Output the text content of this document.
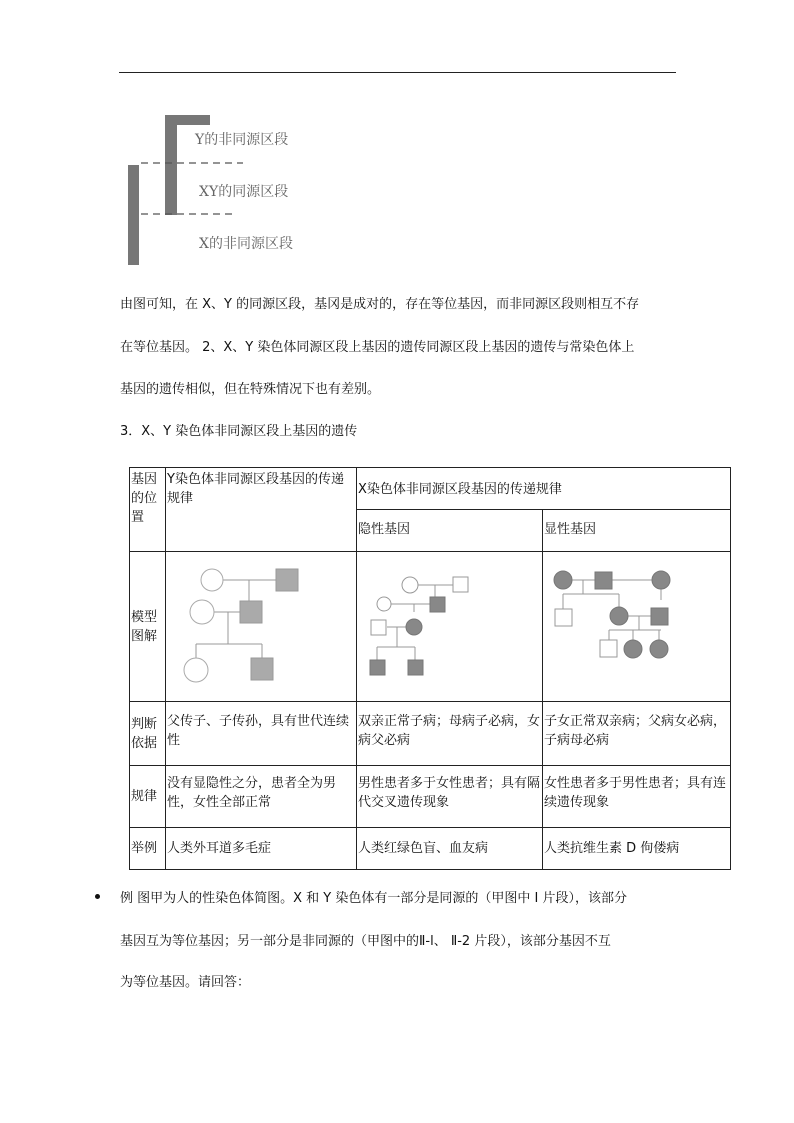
Y的非同源区段
XY的同源区段
X的非同源区段
由图可知，在 X、Y 的同源区段，基冈是成对的，存在等位基因，而非同源区段则相互不存
在等位基因。 2、X、Y 染色体同源区段上基因的遗传同源区段上基因的遗传与常染色体上
基因的遗传相似，但在特殊情况下也有差别。
3．X、Y 染色体非同源区段上基因的遗传
基因的位置	Y染色体非同源区段基因的传递规律	X染色体非同源区段基因的传递规律	
		隐性基因	显性基因
模型图解			
判断依据	父传子、子传孙，具有世代连续性	双亲正常子病；母病子必病，女病父必病	子女正常双亲病；父病女必病，子病母必病
规律	没有显隐性之分，患者全为男性，女性全部正常	男性患者多于女性患者；具有隔代交叉遗传现象	女性患者多于男性患者；具有连续遗传现象
举例	人类外耳道多毛症	人类红绿色盲、血友病	人类抗维生素 D 佝偻病
例 图甲为人的性染色体简图。X 和 Y 染色体有一部分是同源的（甲图中 I 片段），该部分
基因互为等位基因；另一部分是非同源的（甲图中的Ⅱ-l、 Ⅱ-2 片段），该部分基因不互
为等位基因。请回答：
